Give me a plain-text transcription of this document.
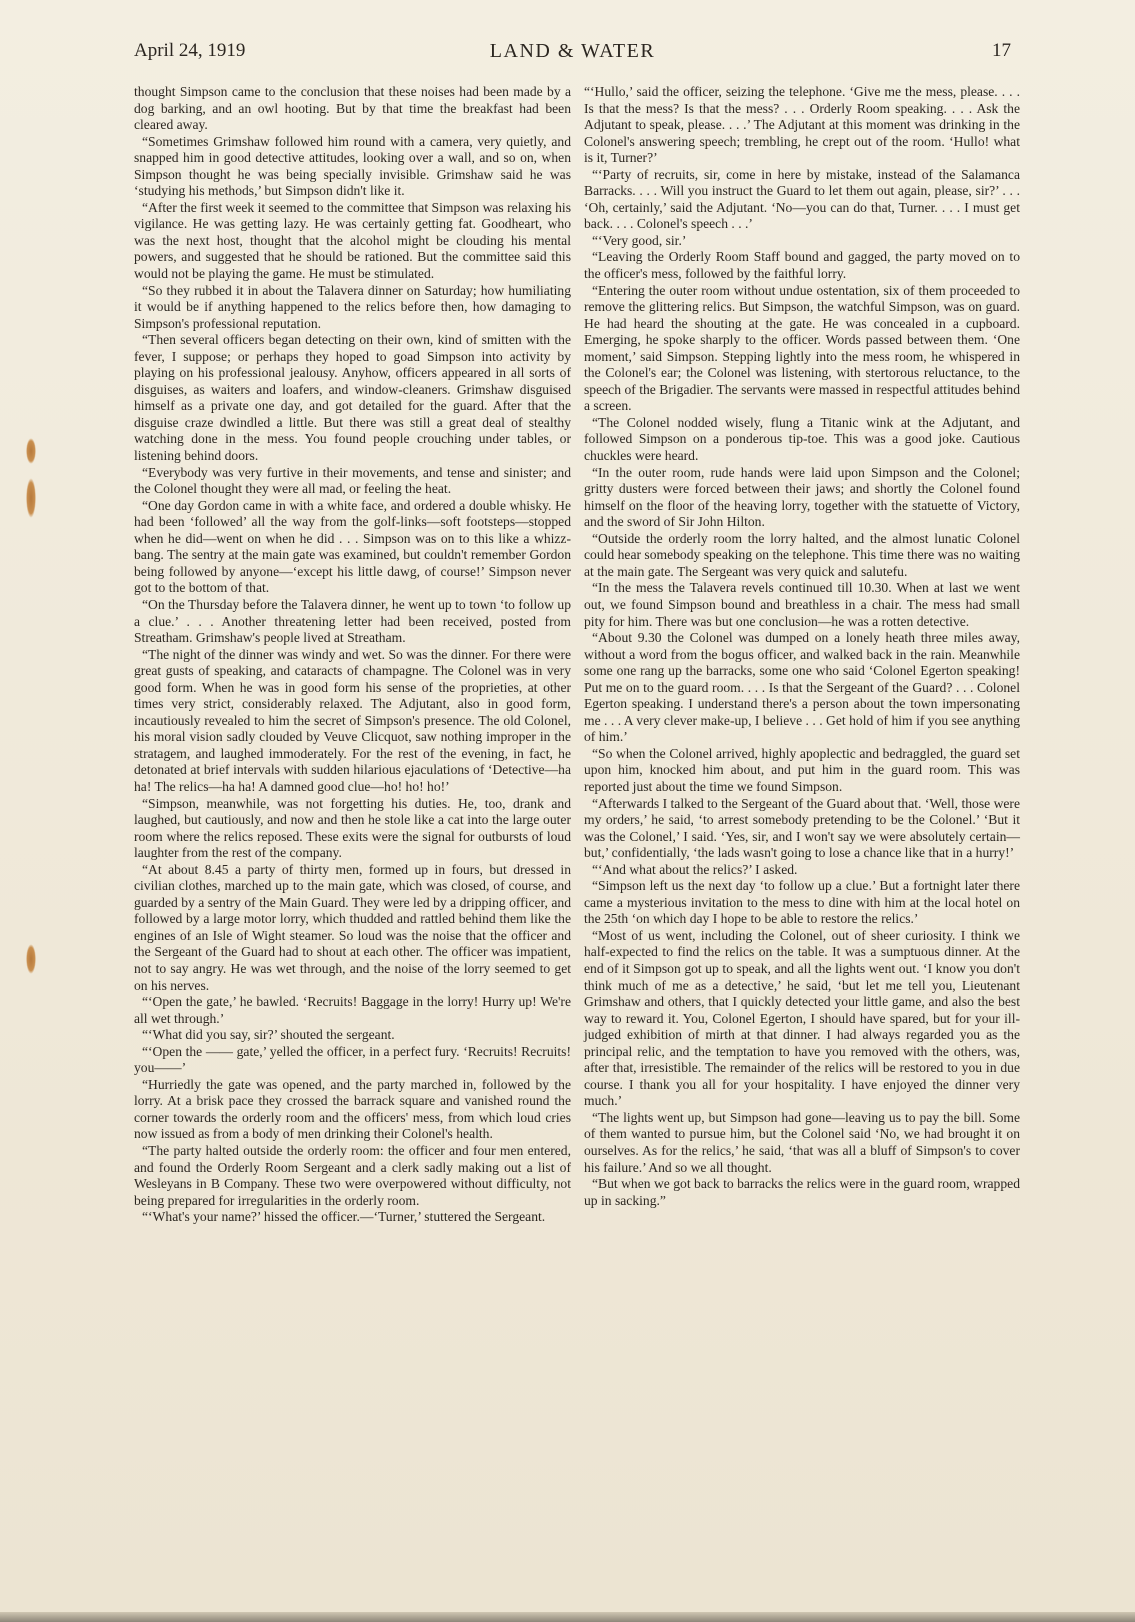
April 24, 1919	LAND & WATER	17

thought Simpson came to the conclusion that these noises had been made by a dog barking, and an owl hooting. But by that time the breakfast had been cleared away.

“Sometimes Grimshaw followed him round with a camera, very quietly, and snapped him in good detective attitudes, looking over a wall, and so on, when Simpson thought he was being specially invisible. Grimshaw said he was ‘studying his methods,’ but Simpson didn't like it.

“After the first week it seemed to the committee that Simpson was relaxing his vigilance. He was getting lazy. He was certainly getting fat. Goodheart, who was the next host, thought that the alcohol might be clouding his mental powers, and suggested that he should be rationed. But the committee said this would not be playing the game. He must be stimulated.

“So they rubbed it in about the Talavera dinner on Saturday; how humiliating it would be if anything happened to the relics before then, how damaging to Simpson's professional reputation.

“Then several officers began detecting on their own, kind of smitten with the fever, I suppose; or perhaps they hoped to goad Simpson into activity by playing on his professional jealousy. Anyhow, officers appeared in all sorts of disguises, as waiters and loafers, and window-cleaners. Grimshaw disguised himself as a private one day, and got detailed for the guard. After that the disguise craze dwindled a little. But there was still a great deal of stealthy watching done in the mess. You found people crouching under tables, or listening behind doors.

“Everybody was very furtive in their movements, and tense and sinister; and the Colonel thought they were all mad, or feeling the heat.

“One day Gordon came in with a white face, and ordered a double whisky. He had been ‘followed’ all the way from the golf-links—soft footsteps—stopped when he did—went on when he did . . . Simpson was on to this like a whizz-bang. The sentry at the main gate was examined, but couldn't remember Gordon being followed by anyone—‘except his little dawg, of course!’ Simpson never got to the bottom of that.

“On the Thursday before the Talavera dinner, he went up to town ‘to follow up a clue.’ . . . Another threatening letter had been received, posted from Streatham. Grimshaw's people lived at Streatham.

“The night of the dinner was windy and wet. So was the dinner. For there were great gusts of speaking, and cataracts of champagne. The Colonel was in very good form. When he was in good form his sense of the proprieties, at other times very strict, considerably relaxed. The Adjutant, also in good form, incautiously revealed to him the secret of Simpson's presence. The old Colonel, his moral vision sadly clouded by Veuve Clicquot, saw nothing improper in the stratagem, and laughed immoderately. For the rest of the evening, in fact, he detonated at brief intervals with sudden hilarious ejaculations of ‘Detective—ha ha! The relics—ha ha! A damned good clue—ho! ho! ho!’

“Simpson, meanwhile, was not forgetting his duties. He, too, drank and laughed, but cautiously, and now and then he stole like a cat into the large outer room where the relics reposed. These exits were the signal for outbursts of loud laughter from the rest of the company.

“At about 8.45 a party of thirty men, formed up in fours, but dressed in civilian clothes, marched up to the main gate, which was closed, of course, and guarded by a sentry of the Main Guard. They were led by a dripping officer, and followed by a large motor lorry, which thudded and rattled behind them like the engines of an Isle of Wight steamer. So loud was the noise that the officer and the Sergeant of the Guard had to shout at each other. The officer was impatient, not to say angry. He was wet through, and the noise of the lorry seemed to get on his nerves.

“‘Open the gate,’ he bawled. ‘Recruits! Baggage in the lorry! Hurry up! We're all wet through.’

“‘What did you say, sir?’ shouted the sergeant.

“‘Open the —— gate,’ yelled the officer, in a perfect fury. ‘Recruits! Recruits! you——’

“Hurriedly the gate was opened, and the party marched in, followed by the lorry. At a brisk pace they crossed the barrack square and vanished round the corner towards the orderly room and the officers' mess, from which loud cries now issued as from a body of men drinking their Colonel's health.

“The party halted outside the orderly room: the officer and four men entered, and found the Orderly Room Sergeant and a clerk sadly making out a list of Wesleyans in B Company. These two were overpowered without difficulty, not being prepared for irregularities in the orderly room.

“‘What's your name?’ hissed the officer.—‘Turner,’ stuttered the Sergeant.

“‘Hullo,’ said the officer, seizing the telephone. ‘Give me the mess, please. . . . Is that the mess? Is that the mess? . . . Orderly Room speaking. . . . Ask the Adjutant to speak, please. . . .’ The Adjutant at this moment was drinking in the Colonel's answering speech; trembling, he crept out of the room. ‘Hullo! what is it, Turner?’

“‘Party of recruits, sir, come in here by mistake, instead of the Salamanca Barracks. . . . Will you instruct the Guard to let them out again, please, sir?’ . . . ‘Oh, certainly,’ said the Adjutant. ‘No—you can do that, Turner. . . . I must get back. . . . Colonel's speech . . .’

“‘Very good, sir.’

“Leaving the Orderly Room Staff bound and gagged, the party moved on to the officer's mess, followed by the faithful lorry.

“Entering the outer room without undue ostentation, six of them proceeded to remove the glittering relics. But Simpson, the watchful Simpson, was on guard. He had heard the shouting at the gate. He was concealed in a cupboard. Emerging, he spoke sharply to the officer. Words passed between them. ‘One moment,’ said Simpson. Stepping lightly into the mess room, he whispered in the Colonel's ear; the Colonel was listening, with stertorous reluctance, to the speech of the Brigadier. The servants were massed in respectful attitudes behind a screen.

“The Colonel nodded wisely, flung a Titanic wink at the Adjutant, and followed Simpson on a ponderous tip-toe. This was a good joke. Cautious chuckles were heard.

“In the outer room, rude hands were laid upon Simpson and the Colonel; gritty dusters were forced between their jaws; and shortly the Colonel found himself on the floor of the heaving lorry, together with the statuette of Victory, and the sword of Sir John Hilton.

“Outside the orderly room the lorry halted, and the almost lunatic Colonel could hear somebody speaking on the telephone. This time there was no waiting at the main gate. The Sergeant was very quick and salutefu.

“In the mess the Talavera revels continued till 10.30. When at last we went out, we found Simpson bound and breathless in a chair. The mess had small pity for him. There was but one conclusion—he was a rotten detective.

“About 9.30 the Colonel was dumped on a lonely heath three miles away, without a word from the bogus officer, and walked back in the rain. Meanwhile some one rang up the barracks, some one who said ‘Colonel Egerton speaking! Put me on to the guard room. . . . Is that the Sergeant of the Guard? . . . Colonel Egerton speaking. I understand there's a person about the town impersonating me . . . A very clever make-up, I believe . . . Get hold of him if you see anything of him.’

“So when the Colonel arrived, highly apoplectic and bedraggled, the guard set upon him, knocked him about, and put him in the guard room. This was reported just about the time we found Simpson.

“Afterwards I talked to the Sergeant of the Guard about that. ‘Well, those were my orders,’ he said, ‘to arrest somebody pretending to be the Colonel.’ ‘But it was the Colonel,’ I said. ‘Yes, sir, and I won't say we were absolutely certain—but,’ confidentially, ‘the lads wasn't going to lose a chance like that in a hurry!’

“‘And what about the relics?’ I asked.

“Simpson left us the next day ‘to follow up a clue.’ But a fortnight later there came a mysterious invitation to the mess to dine with him at the local hotel on the 25th ‘on which day I hope to be able to restore the relics.’

“Most of us went, including the Colonel, out of sheer curiosity. I think we half-expected to find the relics on the table. It was a sumptuous dinner. At the end of it Simpson got up to speak, and all the lights went out. ‘I know you don't think much of me as a detective,’ he said, ‘but let me tell you, Lieutenant Grimshaw and others, that I quickly detected your little game, and also the best way to reward it. You, Colonel Egerton, I should have spared, but for your ill-judged exhibition of mirth at that dinner. I had always regarded you as the principal relic, and the temptation to have you removed with the others, was, after that, irresistible. The remainder of the relics will be restored to you in due course. I thank you all for your hospitality. I have enjoyed the dinner very much.’

“The lights went up, but Simpson had gone—leaving us to pay the bill. Some of them wanted to pursue him, but the Colonel said ‘No, we had brought it on ourselves. As for the relics,’ he said, ‘that was all a bluff of Simpson's to cover his failure.’ And so we all thought.

“But when we got back to barracks the relics were in the guard room, wrapped up in sacking.”
